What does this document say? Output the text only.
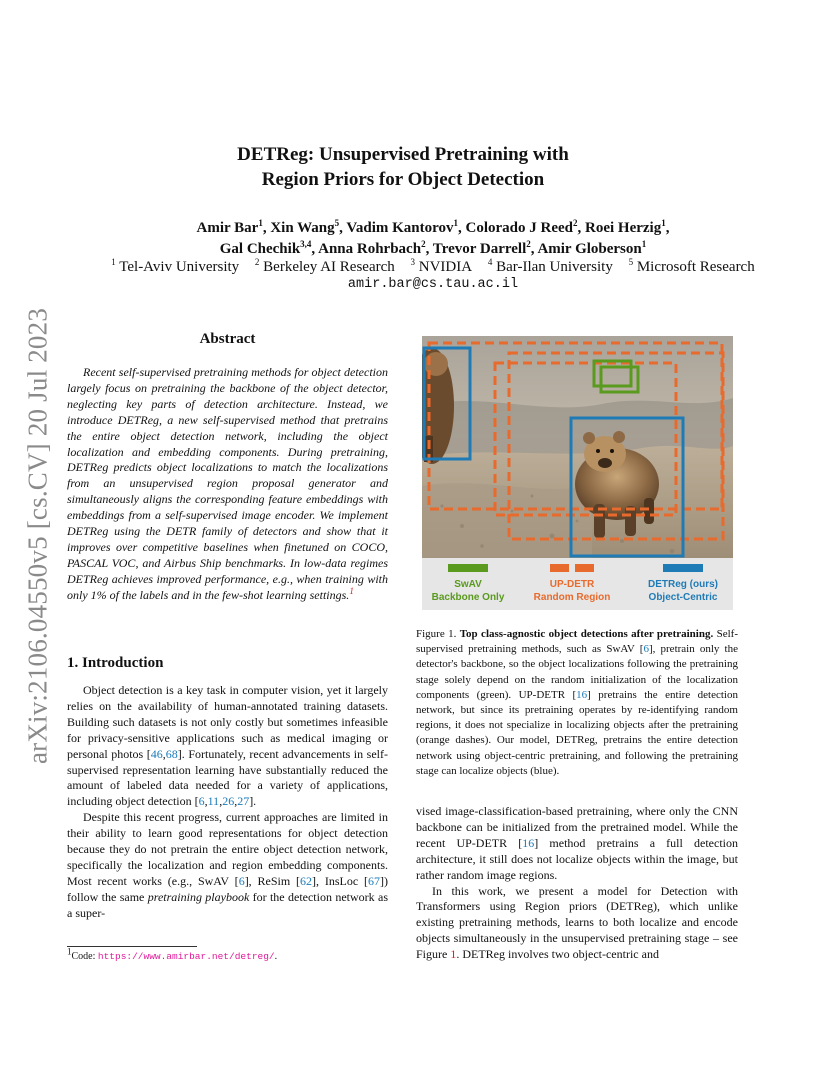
arXiv:2106.04550v5 [cs.CV] 20 Jul 2023
DETReg: Unsupervised Pretraining with
Region Priors for Object Detection
Amir Bar$^1$, Xin Wang$^5$, Vadim Kantorov$^1$, Colorado J Reed$^2$, Roei Herzig$^1$,
Gal Chechik$^{3,4}$, Anna Rohrbach$^2$, Trevor Darrell$^2$, Amir Globerson$^1$
$^1$ Tel-Aviv University $^2$ Berkeley AI Research $^3$ NVIDIA $^4$ Bar-Ilan University $^5$ Microsoft Research
amir.bar@cs.tau.ac.il
Abstract
Recent self-supervised pretraining methods for object detection largely focus on pretraining the backbone of the object detector, neglecting key parts of detection architecture. Instead, we introduce DETReg, a new self-supervised method that pretrains the entire object detection network, including the object localization and embedding components. During pretraining, DETReg predicts object localizations to match the localizations from an unsupervised region proposal generator and simultaneously aligns the corresponding feature embeddings with embeddings from a self-supervised image encoder. We implement DETReg using the DETR family of detectors and show that it improves over competitive baselines when finetuned on COCO, PASCAL VOC, and Airbus Ship benchmarks. In low-data regimes DETReg achieves improved performance, e.g., when training with only 1% of the labels and in the few-shot learning settings.$^1$
1. Introduction

Object detection is a key task in computer vision, yet it largely relies on the availability of human-annotated training datasets. Building such datasets is not only costly but sometimes infeasible for privacy-sensitive applications such as medical imaging or personal photos [46,68]. Fortunately, recent advancements in self-supervised representation learning have substantially reduced the amount of labeled data needed for a variety of applications, including object detection [6,11,26,27].

Despite this recent progress, current approaches are limited in their ability to learn good representations for object detection because they do not pretrain the entire object detection network, specifically the localization and region embedding components. Most recent works (e.g., SwAV [6], ReSim [62], InsLoc [67]) follow the same pretraining playbook for the detection network as a super-

$^1$Code: https://www.amirbar.net/detreg/.
SwAV
Backbone Only
UP-DETR
Random Region
DETReg (ours)
Object-Centric
Figure 1. Top class-agnostic object detections after pretraining. Self-supervised pretraining methods, such as SwAV [6], pretrain only the detector's backbone, so the object localizations following the pretraining stage solely depend on the random initialization of the localization components (green). UP-DETR [16] pretrains the entire detection network, but since its pretraining operates by re-identifying random regions, it does not specialize in localizing objects after the pretraining (orange dashes). Our model, DETReg, pretrains the entire detection network using object-centric pretraining, and following the pretraining stage can localize objects (blue).

vised image-classification-based pretraining, where only the CNN backbone can be initialized from the pretrained model. While the recent UP-DETR [16] method pretrains a full detection architecture, it still does not localize objects within the image, but rather random image regions.

In this work, we present a model for Detection with Transformers using Region priors (DETReg), which unlike existing pretraining methods, learns to both localize and encode objects simultaneously in the unsupervised pretraining stage – see Figure 1. DETReg involves two object-centric and
